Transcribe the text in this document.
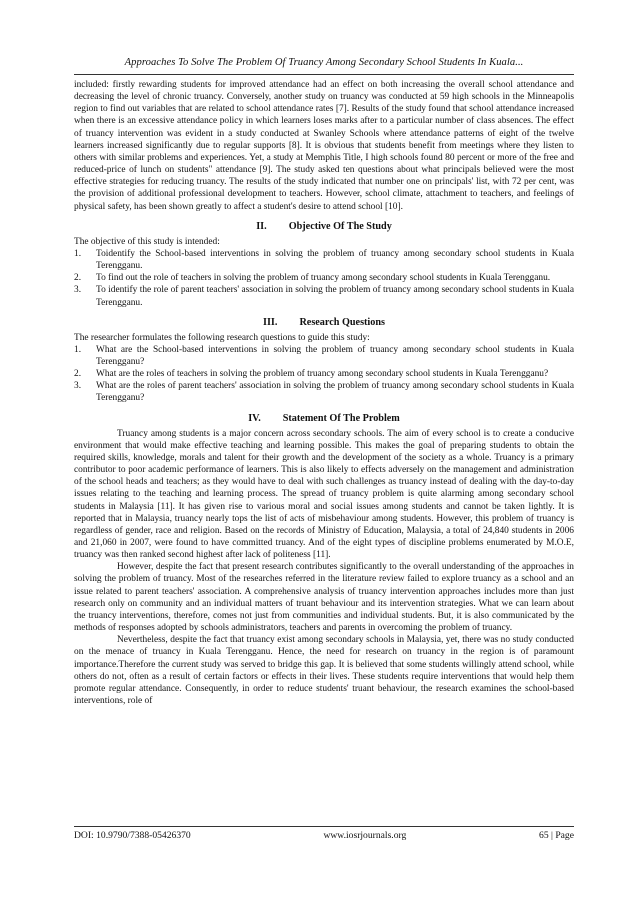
Approaches To Solve The Problem Of Truancy Among Secondary School Students In Kuala...

included: firstly rewarding students for improved attendance had an effect on both increasing the overall school attendance and decreasing the level of chronic truancy. Conversely, another study on truancy was conducted at 59 high schools in the Minneapolis region to find out variables that are related to school attendance rates [7]. Results of the study found that school attendance increased when there is an excessive attendance policy in which learners loses marks after to a particular number of class absences. The effect of truancy intervention was evident in a study conducted at Swanley Schools where attendance patterns of eight of the twelve learners increased significantly due to regular supports [8]. It is obvious that students benefit from meetings where they listen to others with similar problems and experiences. Yet, a study at Memphis Title, I high schools found 80 percent or more of the free and reduced-price of lunch on students" attendance [9]. The study asked ten questions about what principals believed were the most effective strategies for reducing truancy. The results of the study indicated that number one on principals' list, with 72 per cent, was the provision of additional professional development to teachers. However, school climate, attachment to teachers, and feelings of physical safety, has been shown greatly to affect a student's desire to attend school [10].

II. Objective Of The Study

The objective of this study is intended:

1. Toidentify the School-based interventions in solving the problem of truancy among secondary school students in Kuala Terengganu.
2. To find out the role of teachers in solving the problem of truancy among secondary school students in Kuala Terengganu.
3. To identify the role of parent teachers' association in solving the problem of truancy among secondary school students in Kuala Terengganu.
III. Research Questions

The researcher formulates the following research questions to guide this study:

1. What are the School-based interventions in solving the problem of truancy among secondary school students in Kuala Terengganu?
2. What are the roles of teachers in solving the problem of truancy among secondary school students in Kuala Terengganu?
3. What are the roles of parent teachers' association in solving the problem of truancy among secondary school students in Kuala Terengganu?
IV. Statement Of The Problem

Truancy among students is a major concern across secondary schools. The aim of every school is to create a conducive environment that would make effective teaching and learning possible. This makes the goal of preparing students to obtain the required skills, knowledge, morals and talent for their growth and the development of the society as a whole. Truancy is a primary contributor to poor academic performance of learners. This is also likely to effects adversely on the management and administration of the school heads and teachers; as they would have to deal with such challenges as truancy instead of dealing with the day-to-day issues relating to the teaching and learning process. The spread of truancy problem is quite alarming among secondary school students in Malaysia [11]. It has given rise to various moral and social issues among students and cannot be taken lightly. It is reported that in Malaysia, truancy nearly tops the list of acts of misbehaviour among students. However, this problem of truancy is regardless of gender, race and religion. Based on the records of Ministry of Education, Malaysia, a total of 24,840 students in 2006 and 21,060 in 2007, were found to have committed truancy. And of the eight types of discipline problems enumerated by M.O.E, truancy was then ranked second highest after lack of politeness [11].

However, despite the fact that present research contributes significantly to the overall understanding of the approaches in solving the problem of truancy. Most of the researches referred in the literature review failed to explore truancy as a school and an issue related to parent teachers' association. A comprehensive analysis of truancy intervention approaches includes more than just research only on community and an individual matters of truant behaviour and its intervention strategies. What we can learn about the truancy interventions, therefore, comes not just from communities and individual students. But, it is also communicated by the methods of responses adopted by schools administrators, teachers and parents in overcoming the problem of truancy.

Nevertheless, despite the fact that truancy exist among secondary schools in Malaysia, yet, there was no study conducted on the menace of truancy in Kuala Terengganu. Hence, the need for research on truancy in the region is of paramount importance.Therefore the current study was served to bridge this gap. It is believed that some students willingly attend school, while others do not, often as a result of certain factors or effects in their lives. These students require interventions that would help them promote regular attendance. Consequently, in order to reduce students' truant behaviour, the research examines the school-based interventions, role of

DOI: 10.9790/7388-05426370	www.iosrjournals.org	65 | Page
